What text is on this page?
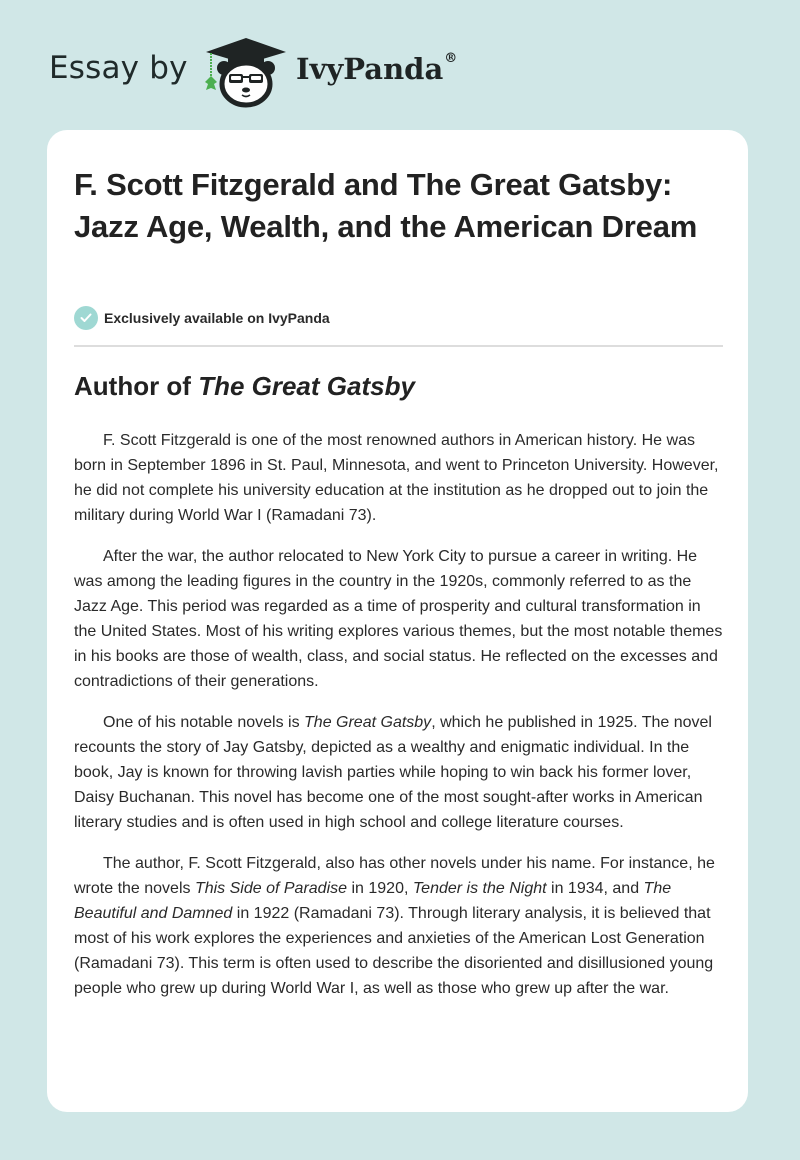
Essay by	IvyPanda®
F. Scott Fitzgerald and The Great Gatsby: Jazz Age, Wealth, and the American Dream
Exclusively available on IvyPanda
Author of The Great Gatsby

F. Scott Fitzgerald is one of the most renowned authors in American history. He was born in September 1896 in St. Paul, Minnesota, and went to Princeton University. However, he did not complete his university education at the institution as he dropped out to join the military during World War I (Ramadani 73).

After the war, the author relocated to New York City to pursue a career in writing. He was among the leading figures in the country in the 1920s, commonly referred to as the Jazz Age. This period was regarded as a time of prosperity and cultural transformation in the United States. Most of his writing explores various themes, but the most notable themes in his books are those of wealth, class, and social status. He reflected on the excesses and contradictions of their generations.

One of his notable novels is The Great Gatsby, which he published in 1925. The novel recounts the story of Jay Gatsby, depicted as a wealthy and enigmatic individual. In the book, Jay is known for throwing lavish parties while hoping to win back his former lover, Daisy Buchanan. This novel has become one of the most sought-after works in American literary studies and is often used in high school and college literature courses.

The author, F. Scott Fitzgerald, also has other novels under his name. For instance, he wrote the novels This Side of Paradise in 1920, Tender is the Night in 1934, and The Beautiful and Damned in 1922 (Ramadani 73). Through literary analysis, it is believed that most of his work explores the experiences and anxieties of the American Lost Generation (Ramadani 73). This term is often used to describe the disoriented and disillusioned young people who grew up during World War I, as well as those who grew up after the war.
